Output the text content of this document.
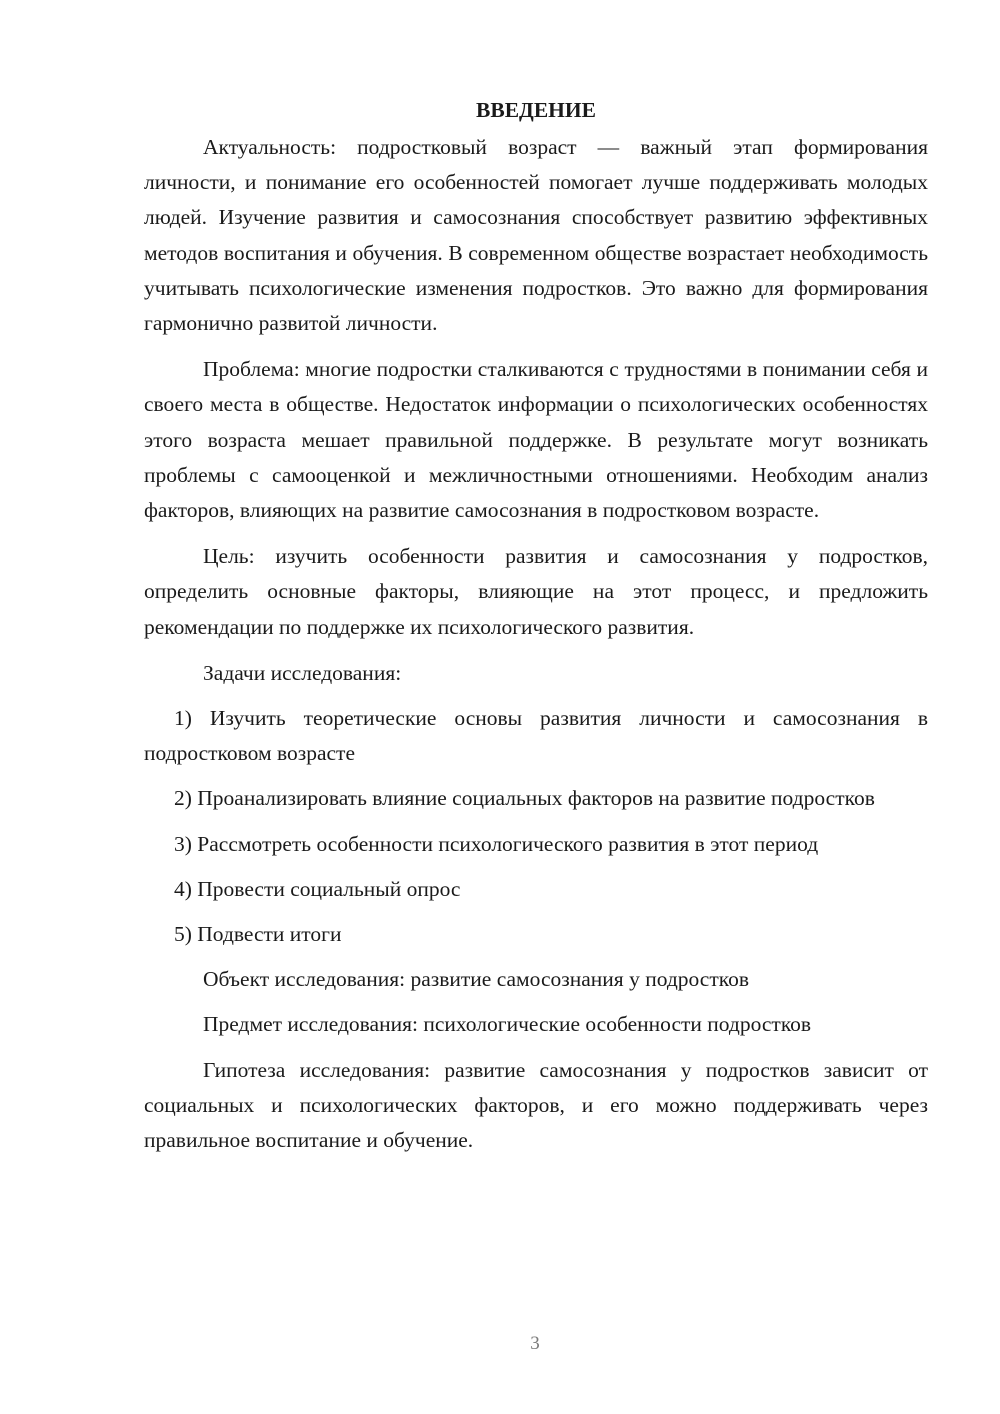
ВВЕДЕНИЕ

Актуальность: подростковый возраст — важный этап формирования личности, и понимание его особенностей помогает лучше поддерживать молодых людей. Изучение развития и самосознания способствует развитию эффективных методов воспитания и обучения. В современном обществе возрастает необходимость учитывать психологические изменения подростков. Это важно для формирования гармонично развитой личности.

Проблема: многие подростки сталкиваются с трудностями в понимании себя и своего места в обществе. Недостаток информации о психологических особенностях этого возраста мешает правильной поддержке. В результате могут возникать проблемы с самооценкой и межличностными отношениями. Необходим анализ факторов, влияющих на развитие самосознания в подростковом возрасте.

Цель: изучить особенности развития и самосознания у подростков, определить основные факторы, влияющие на этот процесс, и предложить рекомендации по поддержке их психологического развития.

Задачи исследования:

1) Изучить теоретические основы развития личности и самосознания в подростковом возрасте

2) Проанализировать влияние социальных факторов на развитие подростков

3) Рассмотреть особенности психологического развития в этот период

4) Провести социальный опрос

5) Подвести итоги

Объект исследования: развитие самосознания у подростков

Предмет исследования: психологические особенности подростков

Гипотеза исследования: развитие самосознания у подростков зависит от социальных и психологических факторов, и его можно поддерживать через правильное воспитание и обучение.

3
